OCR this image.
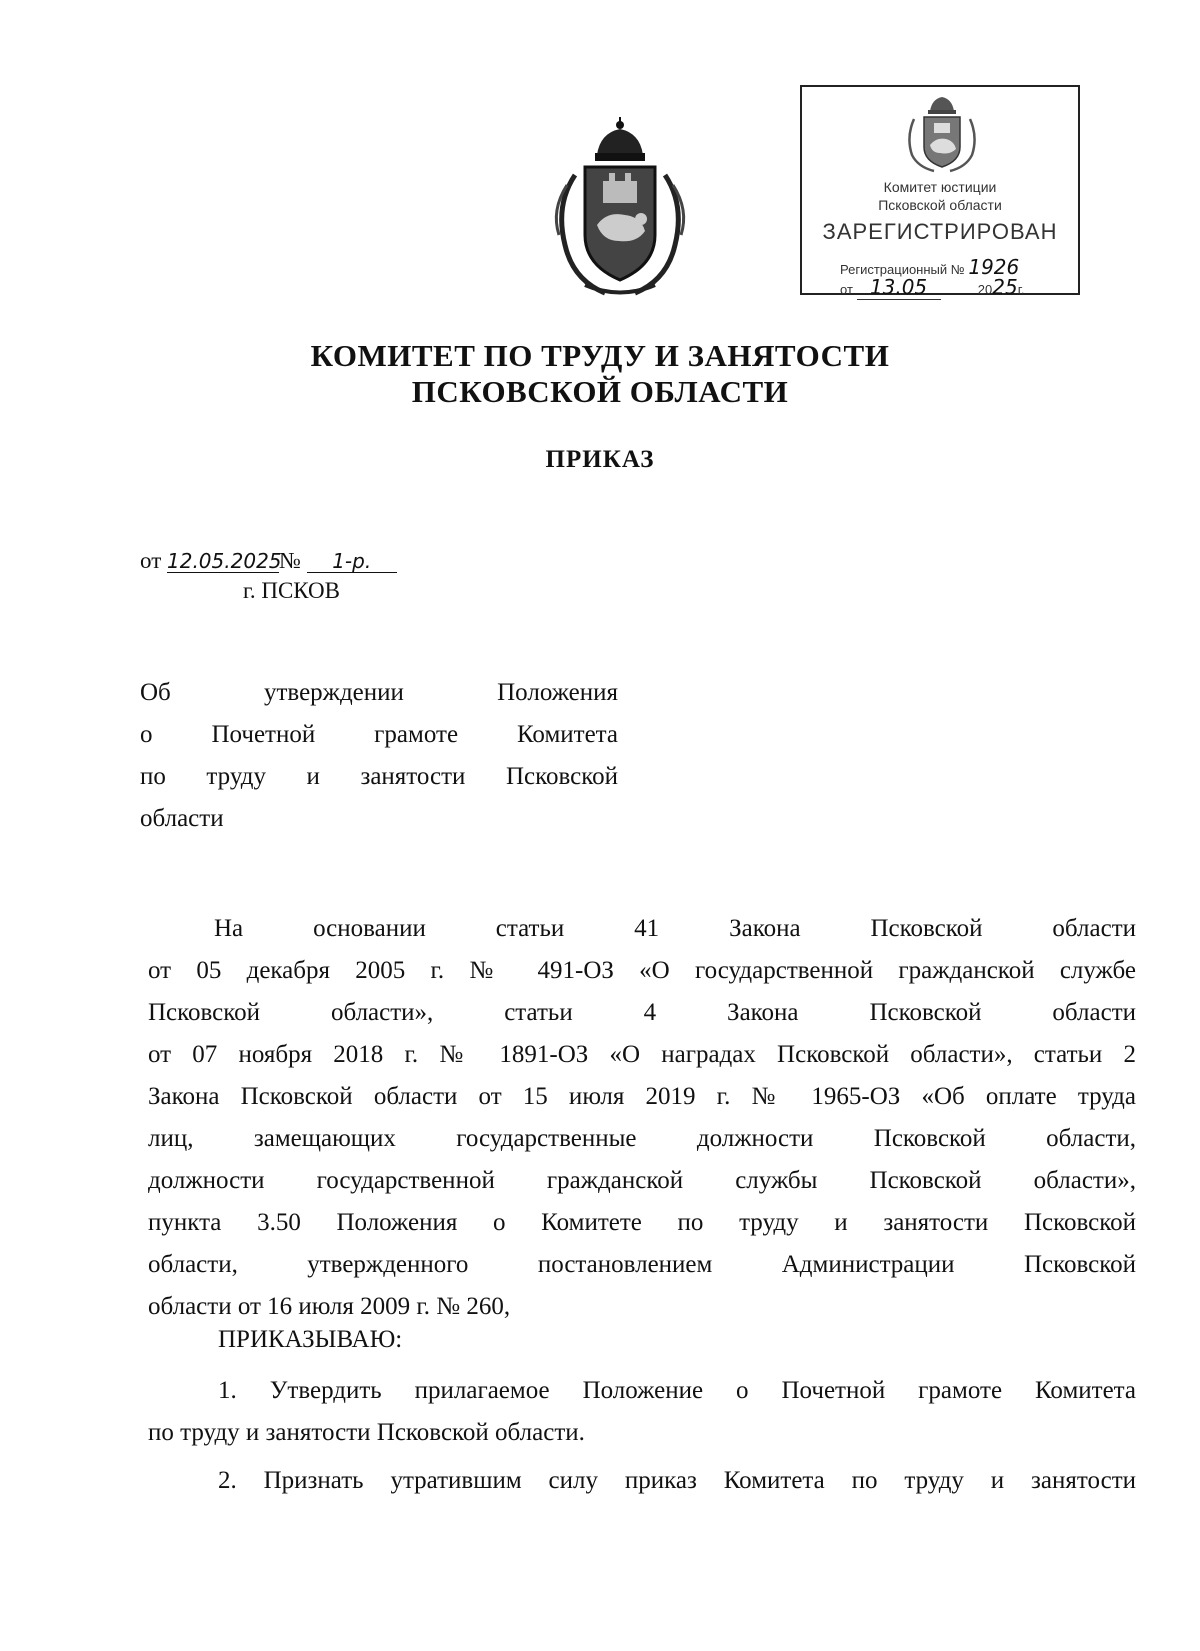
Комитет юстиции
Псковской области
ЗАРЕГИСТРИРОВАН
Регистрационный № 1926
от 13.05	2025г.
КОМИТЕТ ПО ТРУДУ И ЗАНЯТОСТИ
ПСКОВСКОЙ ОБЛАСТИ
ПРИКАЗ
от 12.05.2025№ 1-р.
г. ПСКОВ
Об утверждении Положения
о Почетной грамоте Комитета
по труду и занятости Псковской
области
На основании статьи 41 Закона Псковской области
от 05 декабря 2005 г. № 491-ОЗ «О государственной гражданской службе
Псковской области», статьи 4 Закона Псковской области
от 07 ноября 2018 г. № 1891-ОЗ «О наградах Псковской области», статьи 2
Закона Псковской области от 15 июля 2019 г. № 1965-ОЗ «Об оплате труда
лиц, замещающих государственные должности Псковской области,
должности государственной гражданской службы Псковской области»,
пункта 3.50 Положения о Комитете по труду и занятости Псковской
области, утвержденного постановлением Администрации Псковской
области от 16 июля 2009 г. № 260,
ПРИКАЗЫВАЮ:
1. Утвердить прилагаемое Положение о Почетной грамоте Комитета
по труду и занятости Псковской области.
2. Признать утратившим силу приказ Комитета по труду и занятости
